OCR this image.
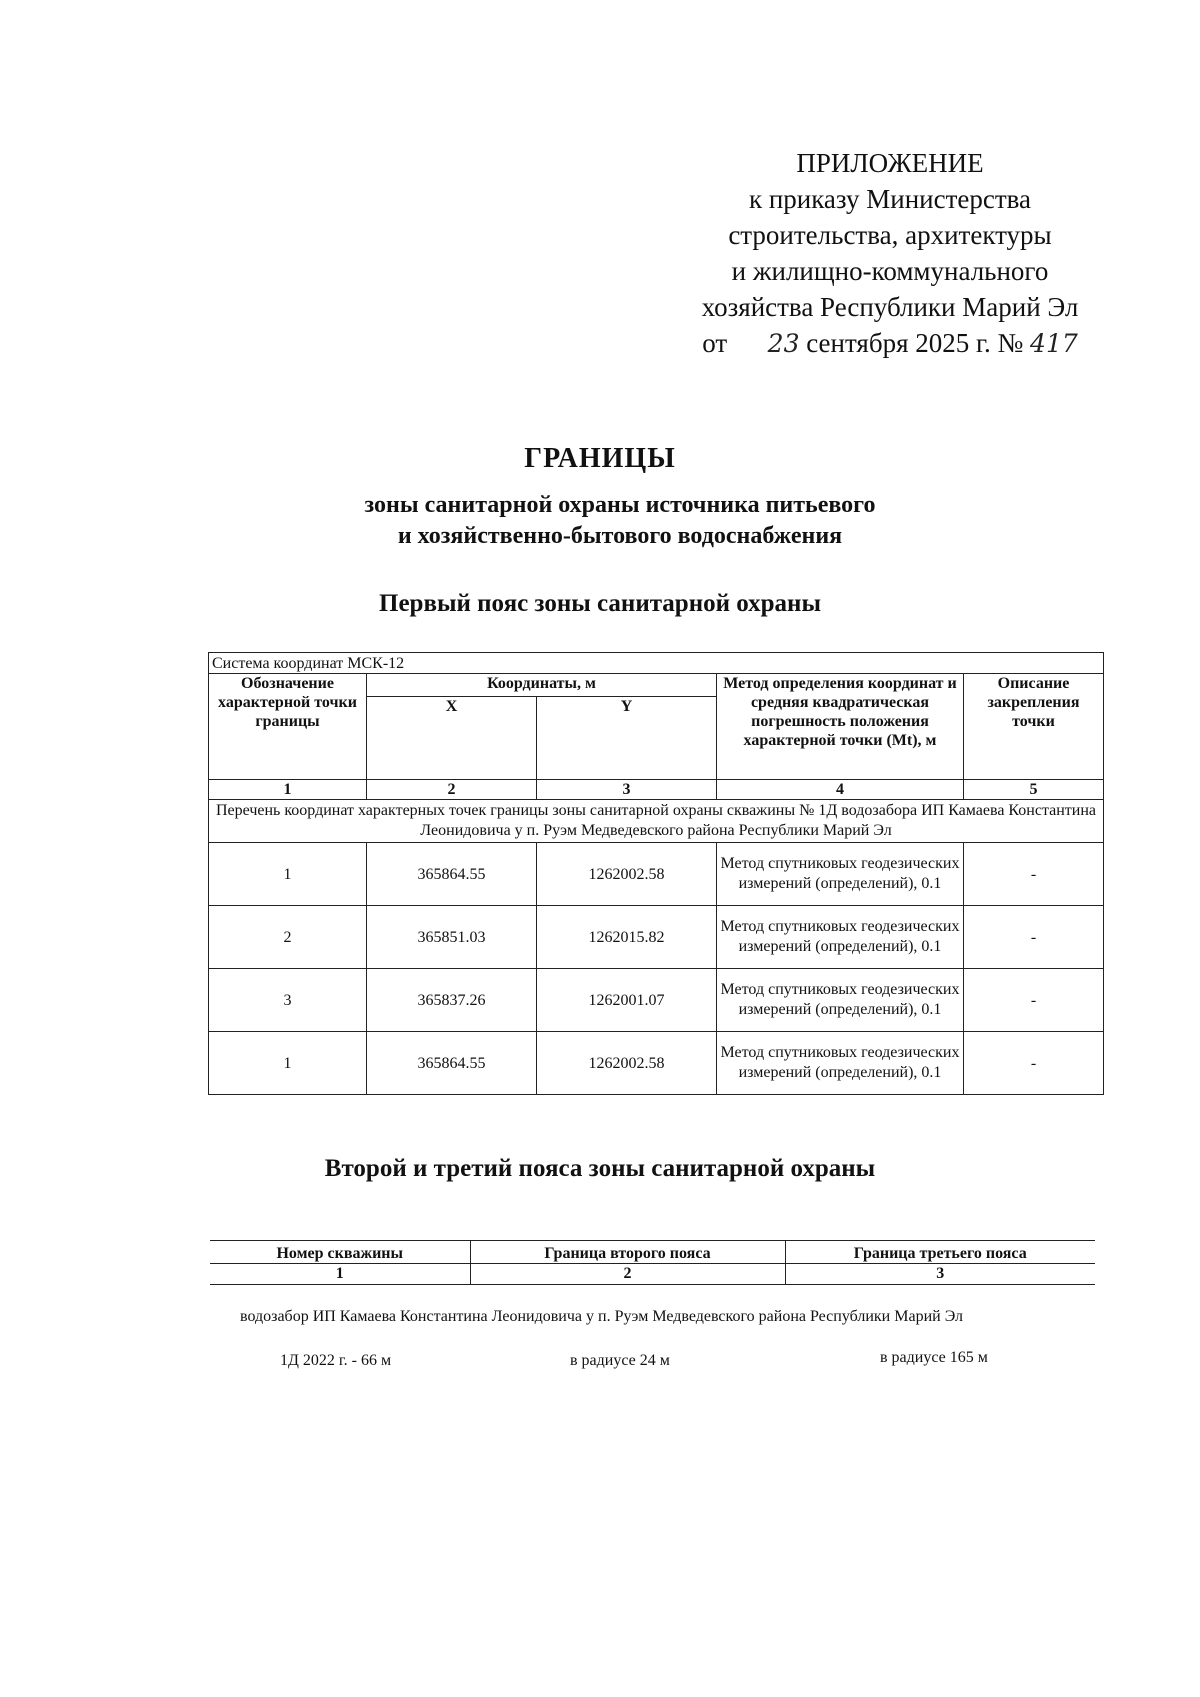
ПРИЛОЖЕНИЕ
к приказу Министерства
строительства, архитектуры
и жилищно-коммунального
хозяйства Республики Марий Эл
от 23 сентября 2025 г. № 417
ГРАНИЦЫ
зоны санитарной охраны источника питьевого
и хозяйственно-бытового водоснабжения
Первый пояс зоны санитарной охраны
Система координат МСК-12				
Обозначение характерной точки границы	Координаты, м		Метод определения координат и средняя квадратическая погрешность положения характерной точки (Mt), м	Описание закрепления точки
	X	Y		
1	2	3	4	5
Перечень координат характерных точек границы зоны санитарной охраны скважины № 1Д водозабора ИП Камаева Константина Леонидовича у п. Руэм Медведевского района Республики Марий Эл				
1	365864.55	1262002.58	Метод спутниковых геодезических измерений (определений), 0.1	-
2	365851.03	1262015.82	Метод спутниковых геодезических измерений (определений), 0.1	-
3	365837.26	1262001.07	Метод спутниковых геодезических измерений (определений), 0.1	-
1	365864.55	1262002.58	Метод спутниковых геодезических измерений (определений), 0.1	-
Второй и третий пояса зоны санитарной охраны
Номер скважины	Граница второго пояса	Граница третьего пояса
1	2	3
водозабор ИП Камаева Константина Леонидовича у п. Руэм Медведевского района Республики Марий Эл
1Д 2022 г. - 66 м	в радиусе 24 м	в радиусе 165 м
